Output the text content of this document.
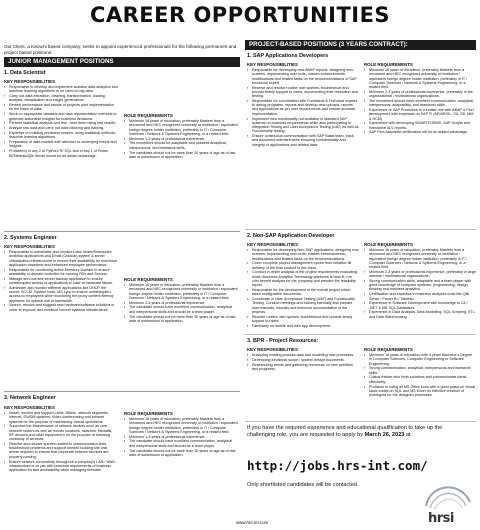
CAREER OPPORTUNITIES
Our Client, a Karachi based company, seeks to appoint experienced professionals for the following permanent and project based positions:
JUNIOR MANAGEMENT POSITIONS
1. Data Scientist
KEY RESPONSIBILITIES
▪ Responsible to develop and implement scalable data analytics and machine learning algorithms to be used on big data.
▪ Carry out data extraction, cleaning, transformation, loading, analysis, visualization and insight generations.
▪ Review performance and results of projects post implementation on the basis of data.
▪ Work on appropriate datasets and data representation methods to generate actionable insights for business decisions.
▪ Perform statistical analysis and fine - tune them using test results.
▪ Analyze raw data and carry out data cleaning and training.
▪ Expertise on building predictive models, using statistical methods, machine learning algorithms.
▪ Preparation of data models with attention to underlying trends and insights.
▪ Proficiency in any 2 of Python/ R/ SQL and in any 1 of Power BI/Tableau/Qlik Sense would be an added advantage.
ROLE REQUIREMENTS
▪ Minimum 16 years of education, preferably Masters from a renowned and HEC recognized university or institution / equivalent foreign degree holder institution, preferably in IT / Computer Sciences / Network & Systems Engineering, or a related field.
▪ Minimum 1-3 years of professional experience.
▪ The incumbent should be adaptable and possess analytical, interpersonal, and teamwork skills.
▪ The candidate should not be more than 30 years of age as of last date of submission of application.
2. Systems Engineer
KEY RESPONSIBILITIES
▪ Responsible to administer and monitor Lotus Notes/Sharepoint workflow applications and Email (Outlook) system & server virtualization infrastructure to ensure their availability for maximum application downtime and enhanced employee performance.
▪ Responsible for monitoring Active Directory Domain to ensure availability of domain controller for running PDs and Servers.
▪ Manage and oversee server backup application to ensure uninterrupted access to applications in case of hardware failure.
▪ Administer and monitor different applications like DHCP, file server, SCCM, System tools, MS Lync to ensure uninterrupted access to employees while monitoring the proxy content filtering appliance for optimal use of bandwidth.
▪ Search, resolve and suggest new hardware/software solutions in order to improve and enhance current systems infrastructure.
ROLE REQUIREMENTS
▪ Minimum 16 years of education, preferably Masters from a renowned and HEC recognized university or institution / equivalent foreign degree holder institution, preferably in IT / Computer Sciences / Network & Systems Engineering, or a related field.
▪ Minimum 1-3 years of professional experience.
▪ The candidate should have excellent communication, analytical and interpersonal skills and should be a team player.
▪ The candidate should not be more than 30 years of age as of last date of submission of application.
3. Network Engineer
KEY RESPONSIBILITIES
▪ Install, monitor and support LANs, WANs, network segments, Internet, DWDM systems, Video conferencing and intranet systems for the purpose of maintaining overall operations.
▪ Supervise the Maintenance of network devices such as core network routers as well as remote locations, switches, firewalls, RF devices and other equipment's for the purpose of ensuring continuity of services.
▪ Resolve and resolve queries related to communication links, troubleshoot problems and support needed building site visit, where required to ensure that corporate network services are properly running.
▪ Ensure network connectivity throughout a company's LAN / WAN infrastructure is on par with technical requirements of business application for fast accessibility while managing firewalls.
ROLE REQUIREMENTS
▪ Minimum 16 years of education, preferably Masters from a renowned and HEC recognized university or institution / equivalent foreign degree holder institution, preferably in IT / Computer Sciences / Network & Systems Engineering, or a related field.
▪ Minimum 1-3 years of professional experience.
▪ The candidate should have excellent communication, analytical and interpersonal skills and should be a team player.
▪ The candidate should not be more than 30 years of age as of last date of submission of application.
PROJECT-BASED POSITIONS (3 YEARS CONTRACT):
1. SAP Applications Developers
KEY RESPONSIBILITIES
▪ Responsible for developing new ABAP reports, designing new screens, implementing user exits, custom enhancements, modifications and related tasks on the recommendations of SAP functional expert.
▪ Receive and resolve routine user queries, troubleshoot and provide timely support to users, documenting their resolution and testing.
▪ Responsible for coordination with Functional & Technical experts to debug programs, reports and develop new uploads, reports and applications as per user requirements and ensure accurate implementation.
▪ Implement new functionality not available in standard SAP systems on business requirements while also participating in Integration Testing and User Acceptance Testing (UAT) as well as Functionality testing.
▪ Ensure continuous communication with SAP Basis team, track and document activities while ensuring confidentiality and integrity of applications and related data.
ROLE REQUIREMENTS
▪ Minimum 16 years of education, preferably Masters from a renowned and HEC recognized university or institution / equivalent foreign degree holder institution, preferably in IT / Computer Sciences / Network & Systems Engineering, or a related field.
▪ Minimum 2-3 years of professional experience, preferably in the organizational / multinational organizations.
▪ The incumbent should have excellent communication, analytical, interpersonal, adaptability, and teamwork skills.
▪ Experience of SAP Procedure in a similar role with ABAP & Fiori development with emphasis on SAP FI (AP/AR/GL, FA, SD, MM & HCM).
▪ Experience with developing SMARTFORMS, SAP Scripts and Interactive ALV reports.
▪ SAP Fiori Associate certification will be an added advantage.
2. Non-SAP Application Developer
KEY RESPONSIBILITIES
▪ Responsible for developing Non-SAP applications, designing new screens, implementing user exits, custom enhancements, modifications and related tasks on the recommendations.
▪ Cover complete project management cycles from initiation till delivery of the final product to the client.
▪ Conduct in depth analysis of the project requirements evaluating which Business Analytics Technology platforms is best fit, run cost benefit analysis for the company and prepare the feasibility report.
▪ Responsible for the development of the overall project which takes configurable documents.
▪ Coordinate in User Acceptance Testing (UAT) and Functionality Testing. Conduct meetings and training internally and prepare user manuals, tutorials and technical documentation of the projects.
▪ Resolve routine user queries, troubleshoot and provide timely support to users.
▪ Familiarity on mobile and web app development.
ROLE REQUIREMENTS
▪ Minimum 16 years of education, preferably Masters from a renowned and HEC recognized university or institution / equivalent foreign degree holder institution, preferably in IT / Computer Sciences / Network & Systems Engineering, or a related field.
▪ Minimum 2-3 years of professional experience, preferably in large national / multinational organizations.
▪ Strong communication skills, adaptable and a team player with good knowledge of computer systems, programming, design thinking and business analytics.
▪ Certification and expertise in business analytics tools like Qlik Sense / Power BI / Tableau.
▪ Experience in Software Development with knowledge in C# / .NET & MS SQL Databases.
▪ Experience in Data Analysis, Data Modelling, SQL Scripting, ETL and Data Warehousing.
3. BPR - Project Resources:
KEY RESPONSIBILITIES
▪ Analyzing existing process data and modelling new processes.
▪ Developing functional scope / system design documents.
▪ Researching trends and gathering resources on new activities and programs.
ROLE REQUIREMENTS
▪ Minimum 16 years of education with 4 years Bachelor's Degree in Computer Sciences, Computer Engineering or Software Engineering.
▪ Strong communication, analytical, interpersonal and teamwork skills.
▪ Critical thinker who finds solutions and communicates ideas effectively.
▪ Proficient in using all MS Office tools with a good grasp on Visual basic codes on SQL and MS Excel for effective creation of prototypes for the designed processes.
If you have the required experience and educational qualification to take up the challenging role, you are requested to apply by March 26, 2023 at
http://jobs.hrs-int.com/
Only shortlisted candidates will be contacted.
www.hrs-int.com	hrsi
